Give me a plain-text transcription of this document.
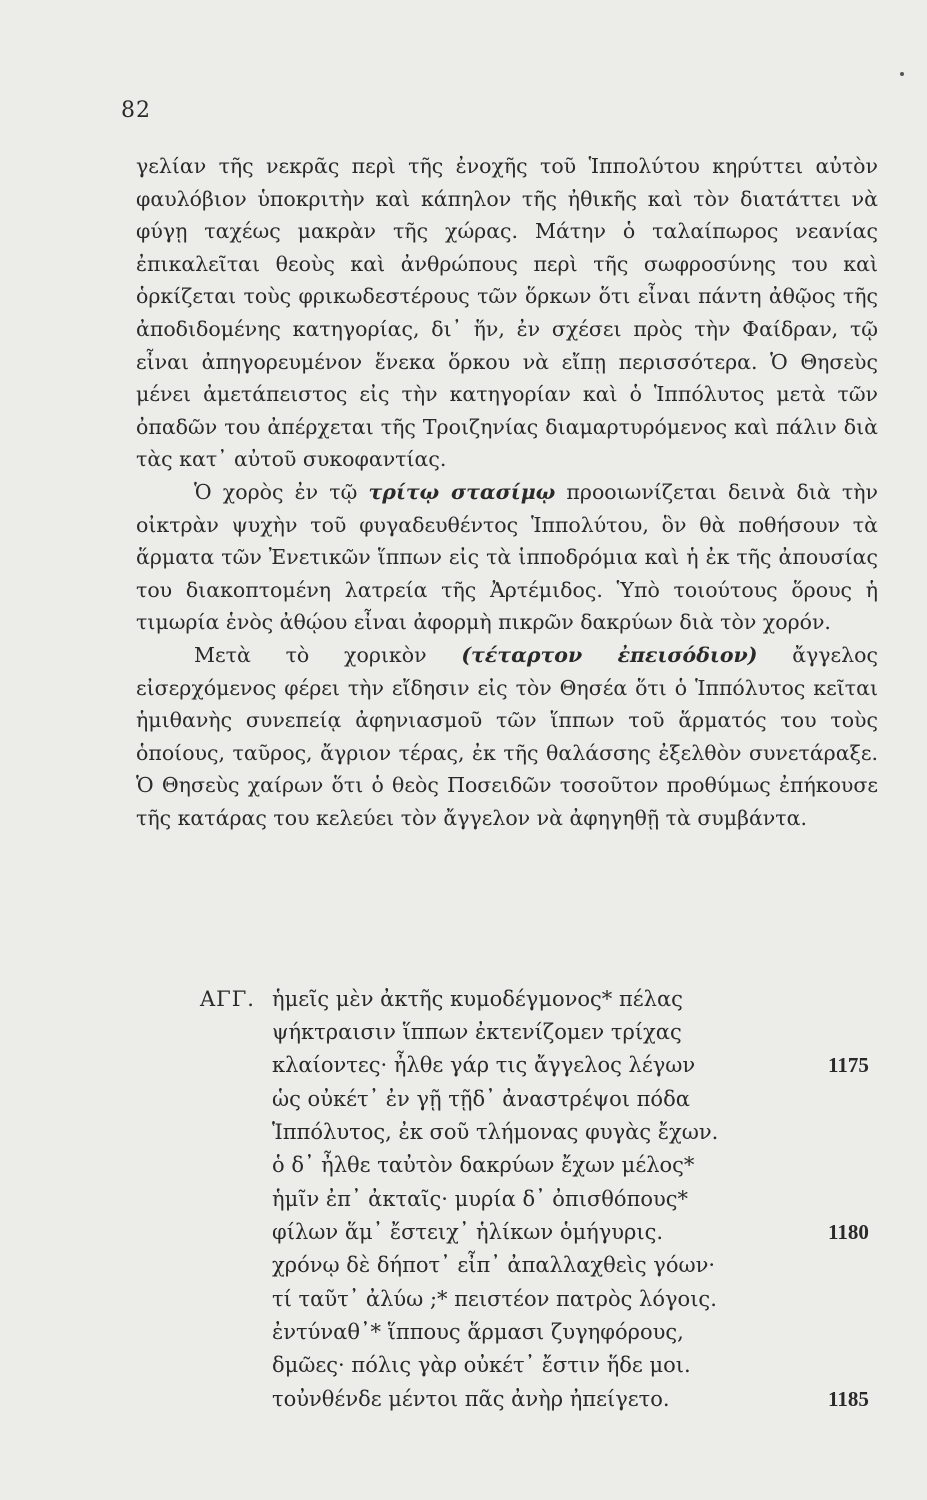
82

γελίαν τῆς νεκρᾶς περὶ τῆς ἐνοχῆς τοῦ Ἱππολύτου κηρύττει αὐτὸν φαυλόβιον ὑποκριτὴν καὶ κάπηλον τῆς ἠθικῆς καὶ τὸν διατάττει νὰ φύγῃ ταχέως μακρὰν τῆς χώρας. Μάτην ὁ ταλαίπωρος νεανίας ἐπικαλεῖται θεοὺς καὶ ἀνθρώπους περὶ τῆς σωφροσύνης του καὶ ὁρκίζεται τοὺς φρικωδεστέρους τῶν ὅρκων ὅτι εἶναι πάντη ἀθῷος τῆς ἀποδιδομένης κατηγορίας, δι᾽ ἥν, ἐν σχέσει πρὸς τὴν Φαίδραν, τῷ εἶναι ἀπηγορευμένον ἕνεκα ὅρκου νὰ εἴπῃ περισσότερα. Ὁ Θησεὺς μένει ἀμετάπειστος εἰς τὴν κατηγορίαν καὶ ὁ Ἱππόλυτος μετὰ τῶν ὀπαδῶν του ἀπέρχεται τῆς Τροιζηνίας διαμαρτυρόμενος καὶ πάλιν διὰ τὰς κατ᾽ αὐτοῦ συκοφαντίας.

Ὁ χορὸς ἐν τῷ τρίτῳ στασίμῳ προοιωνίζεται δεινὰ διὰ τὴν οἰκτρὰν ψυχὴν τοῦ φυγαδευθέντος Ἱππολύτου, ὃν θὰ ποθήσουν τὰ ἅρματα τῶν Ἐνετικῶν ἵππων εἰς τὰ ἱπποδρόμια καὶ ἡ ἐκ τῆς ἀπουσίας του διακοπτομένη λατρεία τῆς Ἀρτέμιδος. Ὑπὸ τοιούτους ὅρους ἡ τιμωρία ἑνὸς ἀθῴου εἶναι ἀφορμὴ πικρῶν δακρύων διὰ τὸν χορόν.

Μετὰ τὸ χορικὸν (τέταρτον ἐπεισόδιον) ἄγγελος εἰσερχόμενος φέρει τὴν εἴδησιν εἰς τὸν Θησέα ὅτι ὁ Ἱππόλυτος κεῖται ἡμιθανὴς συνεπείᾳ ἀφηνιασμοῦ τῶν ἵππων τοῦ ἅρματός του τοὺς ὁποίους, ταῦρος, ἄγριον τέρας, ἐκ τῆς θαλάσσης ἐξελθὸν συνετάραξε. Ὁ Θησεὺς χαίρων ὅτι ὁ θεὸς Ποσειδῶν τοσοῦτον προθύμως ἐπήκουσε τῆς κατάρας του κελεύει τὸν ἄγγελον νὰ ἀφηγηθῇ τὰ συμβάντα.

ΑΓΓ. ἡμεῖς μὲν ἀκτῆς κυμοδέγμονος* πέλας
ψήκτραισιν ἵππων ἐκτενίζομεν τρίχας
κλαίοντες· ἦλθε γάρ τις ἄγγελος λέγων
ὡς οὐκέτ᾽ ἐν γῇ τῇδ᾽ ἀναστρέψοι πόδα
Ἱππόλυτος, ἐκ σοῦ τλήμονας φυγὰς ἔχων.
ὁ δ᾽ ἦλθε ταὐτὸν δακρύων ἔχων μέλος*
ἡμῖν ἐπ᾽ ἀκταῖς· μυρία δ᾽ ὀπισθόπους*
φίλων ἅμ᾽ ἔστειχ᾽ ἡλίκων ὁμήγυρις.
χρόνῳ δὲ δήποτ᾽ εἶπ᾽ ἀπαλλαχθεὶς γόων·
τί ταῦτ᾽ ἀλύω ;* πειστέον πατρὸς λόγοις.
ἐντύναθ᾽* ἵππους ἅρμασι ζυγηφόρους,
δμῶες· πόλις γὰρ οὐκέτ᾽ ἔστιν ἥδε μοι.
τοὐνθένδε μέντοι πᾶς ἀνὴρ ἠπείγετο.
1175
1180
1185
